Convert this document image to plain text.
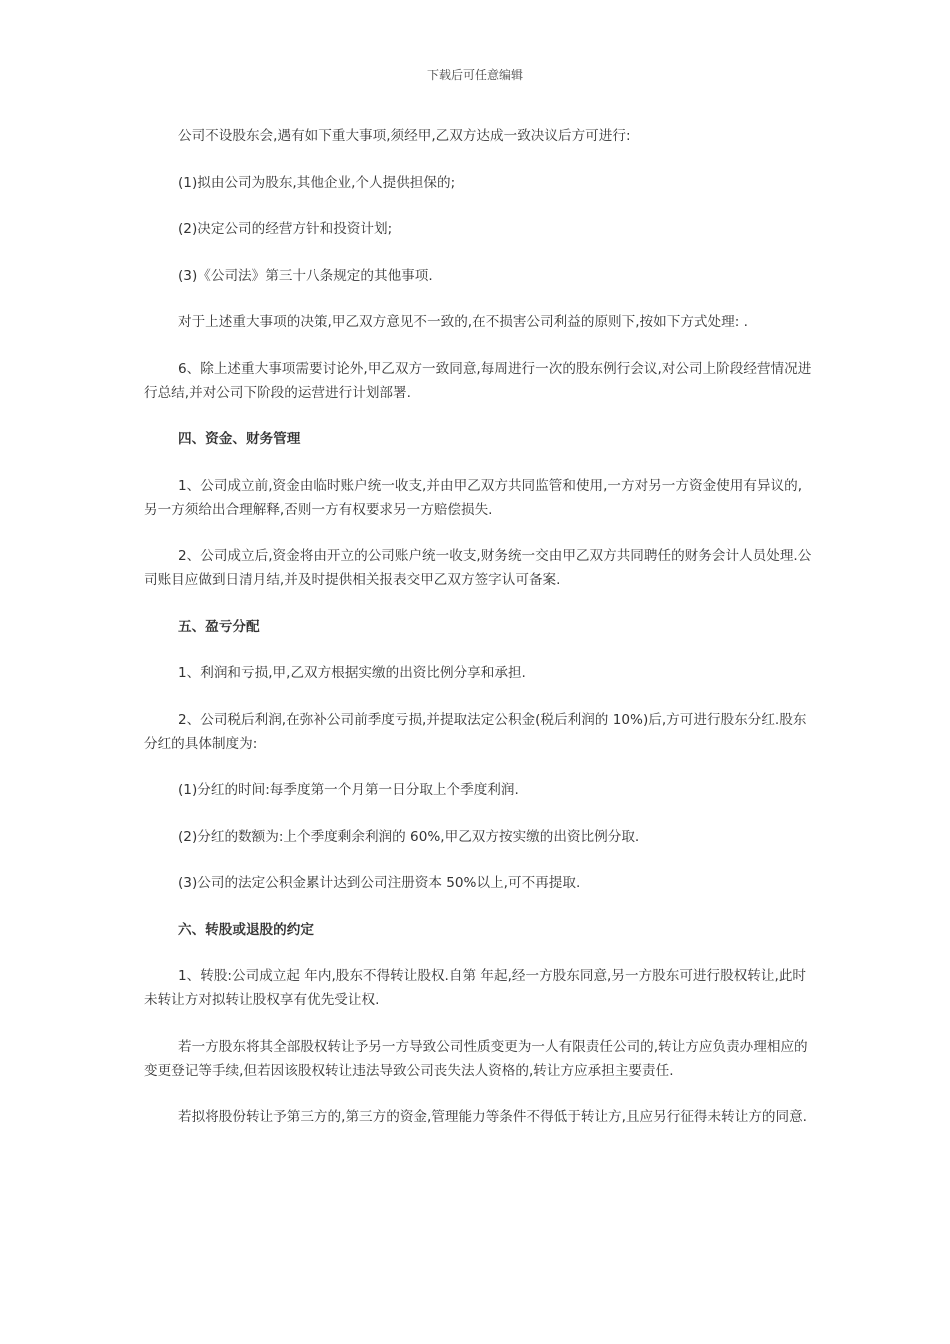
下载后可任意编辑
公司不设股东会,遇有如下重大事项,须经甲,乙双方达成一致决议后方可进行:
(1)拟由公司为股东,其他企业,个人提供担保的;
(2)决定公司的经营方针和投资计划;
(3)《公司法》第三十八条规定的其他事项.
对于上述重大事项的决策,甲乙双方意见不一致的,在不损害公司利益的原则下,按如下方式处理: .
6、除上述重大事项需要讨论外,甲乙双方一致同意,每周进行一次的股东例行会议,对公司上阶段经营情况进行总结,并对公司下阶段的运营进行计划部署.
四、资金、财务管理
1、公司成立前,资金由临时账户统一收支,并由甲乙双方共同监管和使用,一方对另一方资金使用有异议的,另一方须给出合理解释,否则一方有权要求另一方赔偿损失.
2、公司成立后,资金将由开立的公司账户统一收支,财务统一交由甲乙双方共同聘任的财务会计人员处理.公司账目应做到日清月结,并及时提供相关报表交甲乙双方签字认可备案.
五、盈亏分配
1、利润和亏损,甲,乙双方根据实缴的出资比例分享和承担.
2、公司税后利润,在弥补公司前季度亏损,并提取法定公积金(税后利润的 10%)后,方可进行股东分红.股东分红的具体制度为:
(1)分红的时间:每季度第一个月第一日分取上个季度利润.
(2)分红的数额为:上个季度剩余利润的 60%,甲乙双方按实缴的出资比例分取.
(3)公司的法定公积金累计达到公司注册资本 50%以上,可不再提取.
六、转股或退股的约定
1、转股:公司成立起 年内,股东不得转让股权.自第 年起,经一方股东同意,另一方股东可进行股权转让,此时未转让方对拟转让股权享有优先受让权.
若一方股东将其全部股权转让予另一方导致公司性质变更为一人有限责任公司的,转让方应负责办理相应的变更登记等手续,但若因该股权转让违法导致公司丧失法人资格的,转让方应承担主要责任.
若拟将股份转让予第三方的,第三方的资金,管理能力等条件不得低于转让方,且应另行征得未转让方的同意.
